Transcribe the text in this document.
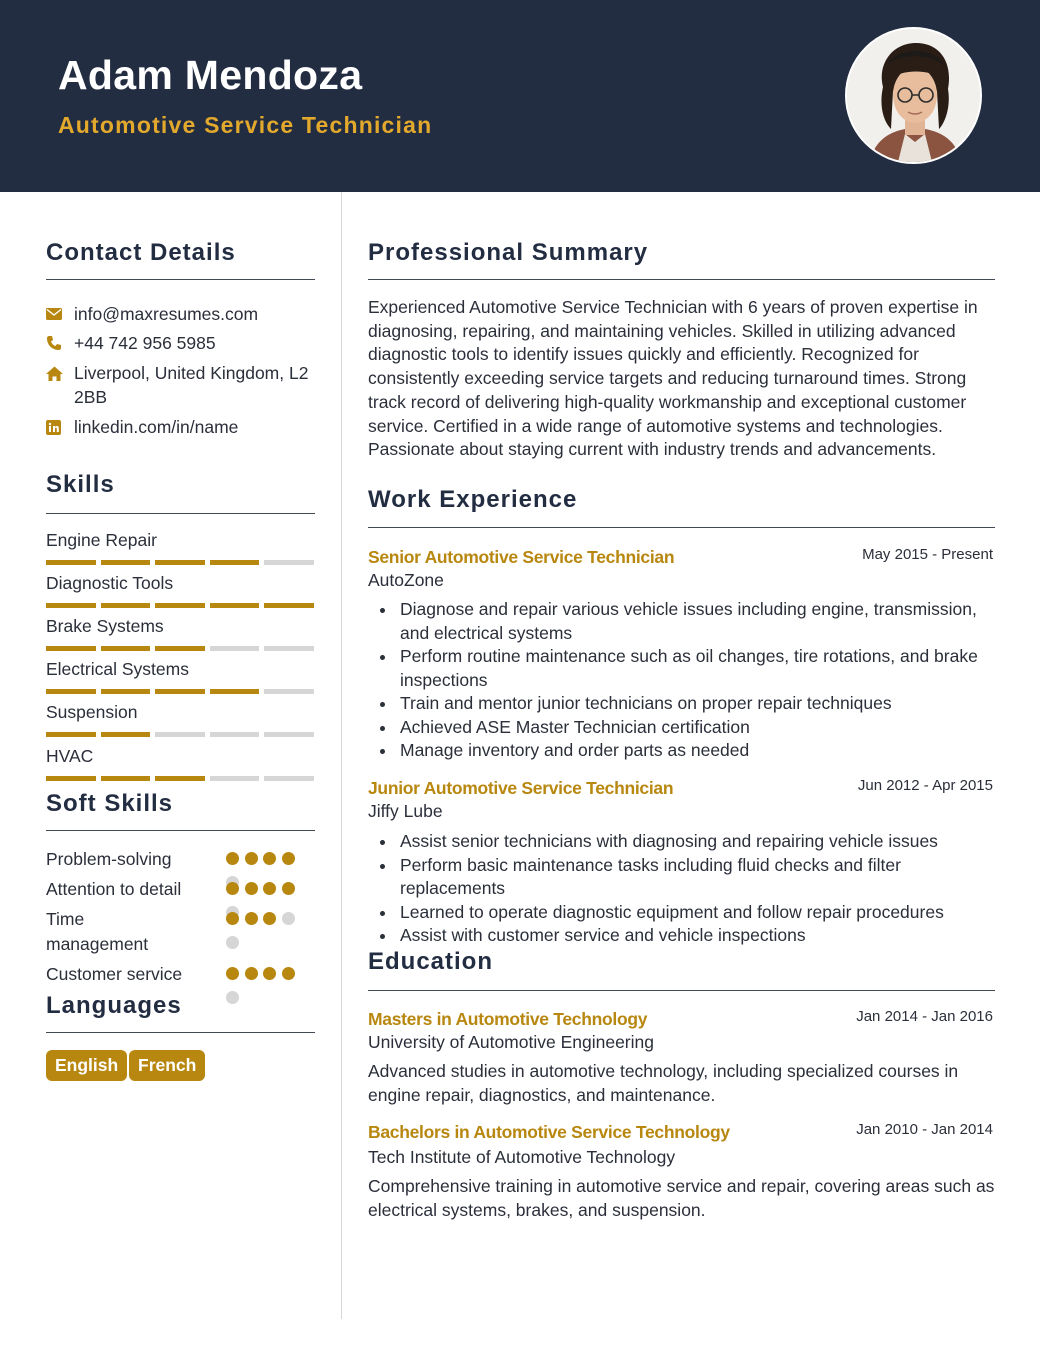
Adam Mendoza
Automotive Service Technician
Contact Details
info@maxresumes.com
+44 742 956 5985
Liverpool, United Kingdom, L2 2BB
linkedin.com/in/name
Skills
Engine Repair
Diagnostic Tools
Brake Systems
Electrical Systems
Suspension
HVAC
Soft Skills
Problem-solving
Attention to detail
Time management
Customer service
Languages
English	French
Professional Summary
Experienced Automotive Service Technician with 6 years of proven expertise in diagnosing, repairing, and maintaining vehicles. Skilled in utilizing advanced diagnostic tools to identify issues quickly and efficiently. Recognized for consistently exceeding service targets and reducing turnaround times. Strong track record of delivering high-quality workmanship and exceptional customer service. Certified in a wide range of automotive systems and technologies. Passionate about staying current with industry trends and advancements.
Work Experience
Senior Automotive Service Technician	May 2015 - Present
AutoZone
Diagnose and repair various vehicle issues including engine, transmission, and electrical systems
Perform routine maintenance such as oil changes, tire rotations, and brake inspections
Train and mentor junior technicians on proper repair techniques
Achieved ASE Master Technician certification
Manage inventory and order parts as needed
Junior Automotive Service Technician	Jun 2012 - Apr 2015
Jiffy Lube
Assist senior technicians with diagnosing and repairing vehicle issues
Perform basic maintenance tasks including fluid checks and filter replacements
Learned to operate diagnostic equipment and follow repair procedures
Assist with customer service and vehicle inspections
Education
Masters in Automotive Technology	Jan 2014 - Jan 2016
University of Automotive Engineering
Advanced studies in automotive technology, including specialized courses in engine repair, diagnostics, and maintenance.
Bachelors in Automotive Service Technology	Jan 2010 - Jan 2014
Tech Institute of Automotive Technology
Comprehensive training in automotive service and repair, covering areas such as electrical systems, brakes, and suspension.
